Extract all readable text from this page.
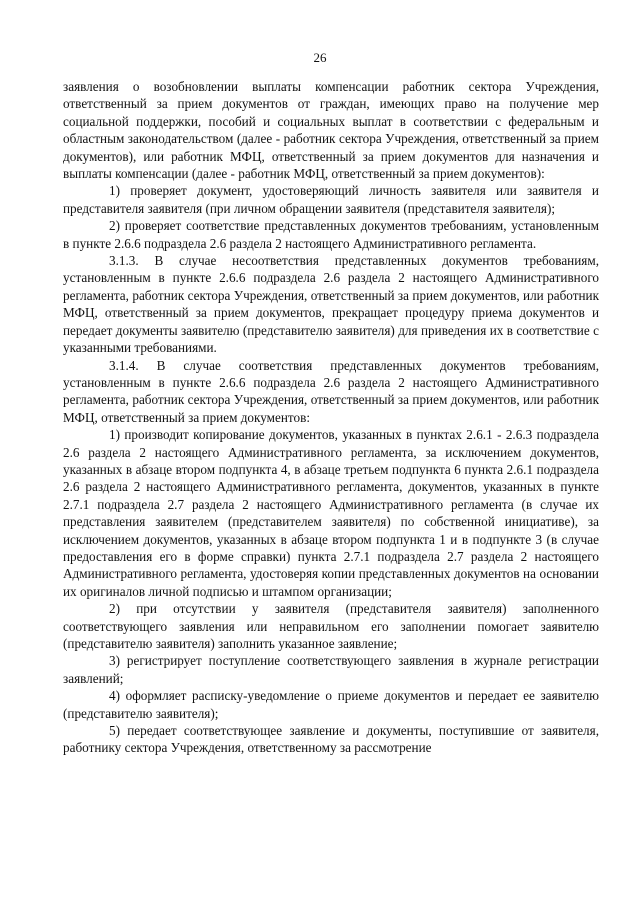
26

заявления о возобновлении выплаты компенсации работник сектора Учреждения, ответственный за прием документов от граждан, имеющих право на получение мер социальной поддержки, пособий и социальных выплат в соответствии с федеральным и областным законодательством (далее - работник сектора Учреждения, ответственный за прием документов), или работник МФЦ, ответственный за прием документов для назначения и выплаты компенсации (далее - работник МФЦ, ответственный за прием документов):

1) проверяет документ, удостоверяющий личность заявителя или заявителя и представителя заявителя (при личном обращении заявителя (представителя заявителя);

2) проверяет соответствие представленных документов требованиям, установленным в пункте 2.6.6 подраздела 2.6 раздела 2 настоящего Административного регламента.

3.1.3. В случае несоответствия представленных документов требованиям, установленным в пункте 2.6.6 подраздела 2.6 раздела 2 настоящего Административного регламента, работник сектора Учреждения, ответственный за прием документов, или работник МФЦ, ответственный за прием документов, прекращает процедуру приема документов и передает документы заявителю (представителю заявителя) для приведения их в соответствие с указанными требованиями.

3.1.4. В случае соответствия представленных документов требованиям, установленным в пункте 2.6.6 подраздела 2.6 раздела 2 настоящего Административного регламента, работник сектора Учреждения, ответственный за прием документов, или работник МФЦ, ответственный за прием документов:

1) производит копирование документов, указанных в пунктах 2.6.1 - 2.6.3 подраздела 2.6 раздела 2 настоящего Административного регламента, за исключением документов, указанных в абзаце втором подпункта 4, в абзаце третьем подпункта 6 пункта 2.6.1 подраздела 2.6 раздела 2 настоящего Административного регламента, документов, указанных в пункте 2.7.1 подраздела 2.7 раздела 2 настоящего Административного регламента (в случае их представления заявителем (представителем заявителя) по собственной инициативе), за исключением документов, указанных в абзаце втором подпункта 1 и в подпункте 3 (в случае предоставления его в форме справки) пункта 2.7.1 подраздела 2.7 раздела 2 настоящего Административного регламента, удостоверяя копии представленных документов на основании их оригиналов личной подписью и штампом организации;

2) при отсутствии у заявителя (представителя заявителя) заполненного соответствующего заявления или неправильном его заполнении помогает заявителю (представителю заявителя) заполнить указанное заявление;

3) регистрирует поступление соответствующего заявления в журнале регистрации заявлений;

4) оформляет расписку-уведомление о приеме документов и передает ее заявителю (представителю заявителя);

5) передает соответствующее заявление и документы, поступившие от заявителя, работнику сектора Учреждения, ответственному за рассмотрение
